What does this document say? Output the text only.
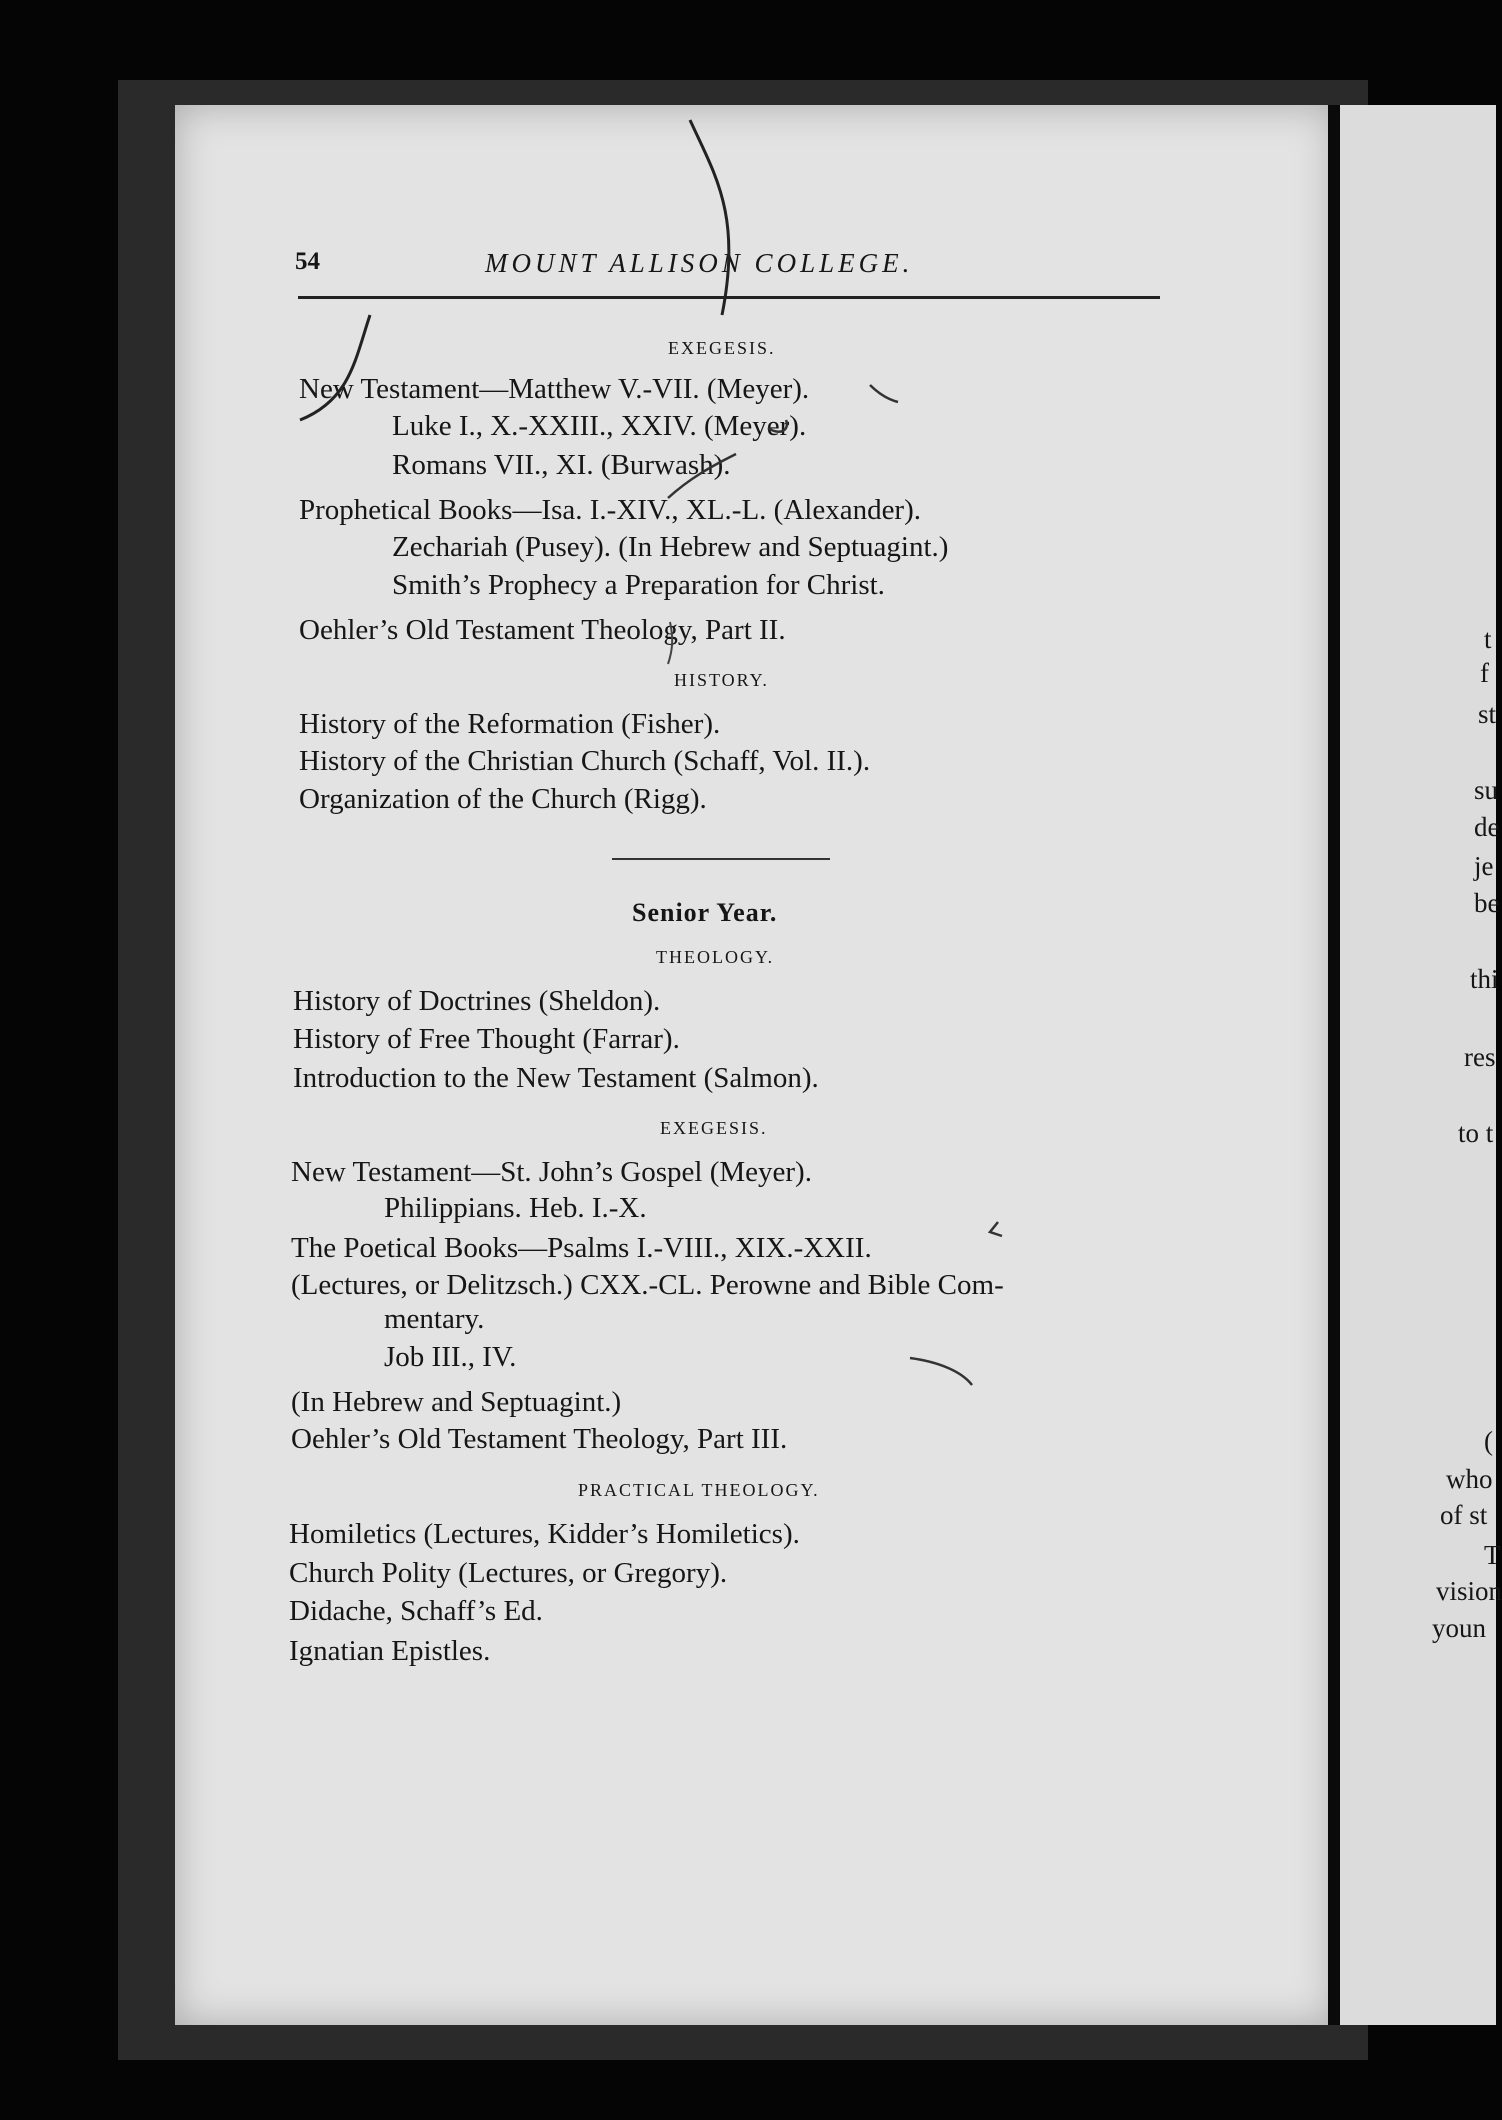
54	MOUNT ALLISON COLLEGE.
EXEGESIS.
New Testament—Matthew V.-VII. (Meyer).
Luke I., X.-XXIII., XXIV. (Meyer).
Romans VII., XI. (Burwash).
Prophetical Books—Isa. I.-XIV., XL.-L. (Alexander).
Zechariah (Pusey). (In Hebrew and Septuagint.)
Smith’s Prophecy a Preparation for Christ.
Oehler’s Old Testament Theology, Part II.
HISTORY.
History of the Reformation (Fisher).
History of the Christian Church (Schaff, Vol. II.).
Organization of the Church (Rigg).
Senior Year.
THEOLOGY.
History of Doctrines (Sheldon).
History of Free Thought (Farrar).
Introduction to the New Testament (Salmon).
EXEGESIS.
New Testament—St. John’s Gospel (Meyer).
Philippians. Heb. I.-X.
The Poetical Books—Psalms I.-VIII., XIX.-XXII.
(Lectures, or Delitzsch.) CXX.-CL. Perowne and Bible Com-
mentary.
Job III., IV.
(In Hebrew and Septuagint.)
Oehler’s Old Testament Theology, Part III.
PRACTICAL THEOLOGY.
Homiletics (Lectures, Kidder’s Homiletics).
Church Polity (Lectures, or Gregory).
Didache, Schaff’s Ed.
Ignatian Epistles.
t
f
st
su
de
je
be
thi
res
to t
(
who
of st
T
vision
youn
